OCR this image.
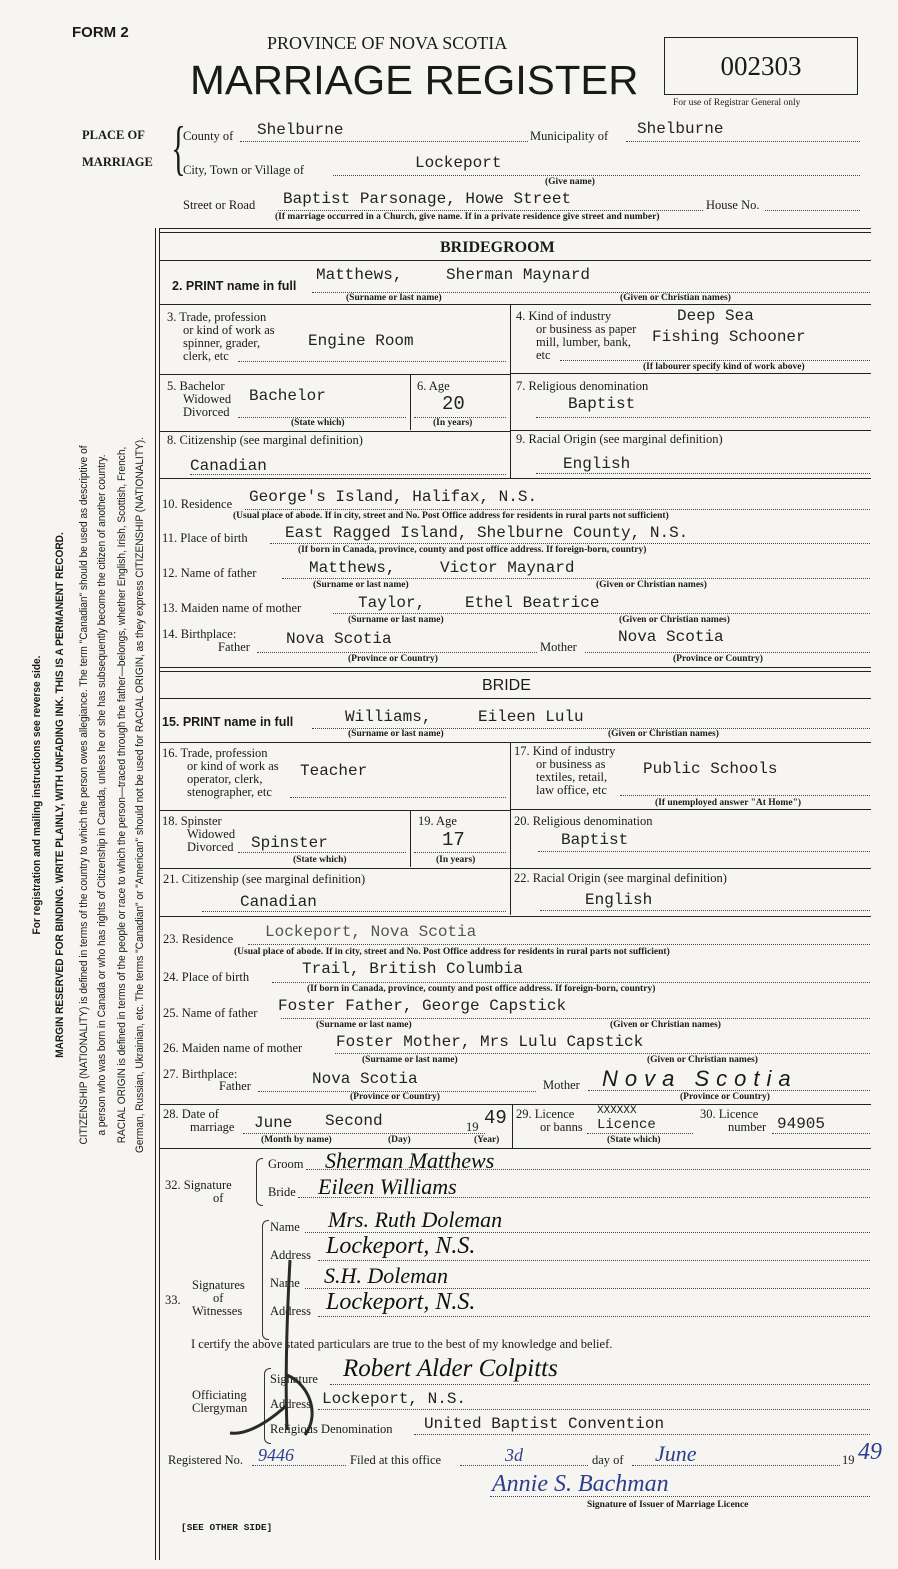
For registration and mailing instructions see reverse side. MARGIN RESERVED FOR BINDING. WRITE PLAINLY, WITH UNFADING INK. THIS IS A PERMANENT RECORD. CITIZENSHIP (NATIONALITY) is defined in terms of the country to which the person owes allegiance. The term "Canadian" should be used as descriptive of a person who was born in Canada or who has rights of Citizenship in Canada, unless he or she has subsequently become the citizen of another country. RACIAL ORIGIN is defined in terms of the people or race to which the person—traced through the father—belongs, whether English, Irish, Scottish, French, German, Russian, Ukrainian, etc. The terms "Canadian" or "American" should not be used for RACIAL ORIGIN, as they express CITIZENSHIP (NATIONALITY).
FORM 2
PROVINCE OF NOVA SCOTIA
MARRIAGE REGISTER	002303
For use of Registrar General only
PLACE OF
MARRIAGE {
County of Shelburne	Municipality of Shelburne
City, Town or Village of	Lockeport
(Give name)
Street or Road Baptist Parsonage, Howe Street	House No.
(If marriage occurred in a Church, give name. If in a private residence give street and number)
BRIDEGROOM
2. PRINT name in full
Matthews,	Sherman Maynard
(Surname or last name)	(Given or Christian names)
3. Trade, profession
or kind of work as
spinner, grader,
clerk, etc
Engine Room
4. Kind of industry
or business as paper
mill, lumber, bank,
etc
Deep Sea
Fishing Schooner
(If labourer specify kind of work above)
5. Bachelor
Widowed
Divorced
Bachelor
(State which)
6. Age
20
(In years)
7. Religious denomination
Baptist
8. Citizenship (see marginal definition)
Canadian
9. Racial Origin (see marginal definition)
English
10. Residence George's Island, Halifax, N.S.
(Usual place of abode. If in city, street and No. Post Office address for residents in rural parts not sufficient)
11. Place of birth East Ragged Island, Shelburne County, N.S.
(If born in Canada, province, county and post office address. If foreign-born, country)
12. Name of father	Matthews,	Victor Maynard
(Surname or last name)	(Given or Christian names)
13. Maiden name of mother	Taylor, Ethel Beatrice
(Surname or last name)	(Given or Christian names)
14. Birthplace:
Father Nova Scotia	Mother
Nova Scotia
(Province or Country)	(Province or Country)
BRIDE
15. PRINT name in full	Williams,	Eileen Lulu
(Surname or last name)	(Given or Christian names)
16. Trade, profession
or kind of work as
operator, clerk,
stenographer, etc
Teacher
17. Kind of industry
or business as
textiles, retail,
law office, etc
Public Schools
(If unemployed answer "At Home")
18. Spinster
Widowed
Divorced Spinster
(State which)
19. Age
17
(In years)
20. Religious denomination
Baptist
21. Citizenship (see marginal definition)
Canadian
22. Racial Origin (see marginal definition)
English
23. Residence Lockeport, Nova Scotia
(Usual place of abode. If in city, street and No. Post Office address for residents in rural parts not sufficient)
24. Place of birth	Trail, British Columbia
(If born in Canada, province, county and post office address. If foreign-born, country)
25. Name of father Foster Father, George Capstick
(Surname or last name)	(Given or Christian names)
26. Maiden name of mother Foster Mother, Mrs Lulu Capstick
(Surname or last name)	(Given or Christian names)
27. Birthplace:
Father	Nova Scotia	Mother Nova Scotia
(Province or Country)	(Province or Country)
28. Date of
marriage June Second	19 49
(Month by name)	(Day)	(Year)
29. Licence
or banns
XXXXXX
Licence
(State which)
30. Licence
number 94905
32. Signature
of
Groom Sherman Matthews
Bride Eileen Williams
33.
Signatures
of
Witnesses
Name Mrs. Ruth Doleman
Address Lockeport, N.S.
Name S.H. Doleman
Address Lockeport, N.S.
I certify the above stated particulars are true to the best of my knowledge and belief.
Officiating
Clergyman
Signature Robert Alder Colpitts
Address Lockeport, N.S.
Religious Denomination United Baptist Convention
Registered No. 9446	Filed at this office	3d	day of June	19 49
Annie S. Bachman
Signature of Issuer of Marriage Licence
[SEE OTHER SIDE]
